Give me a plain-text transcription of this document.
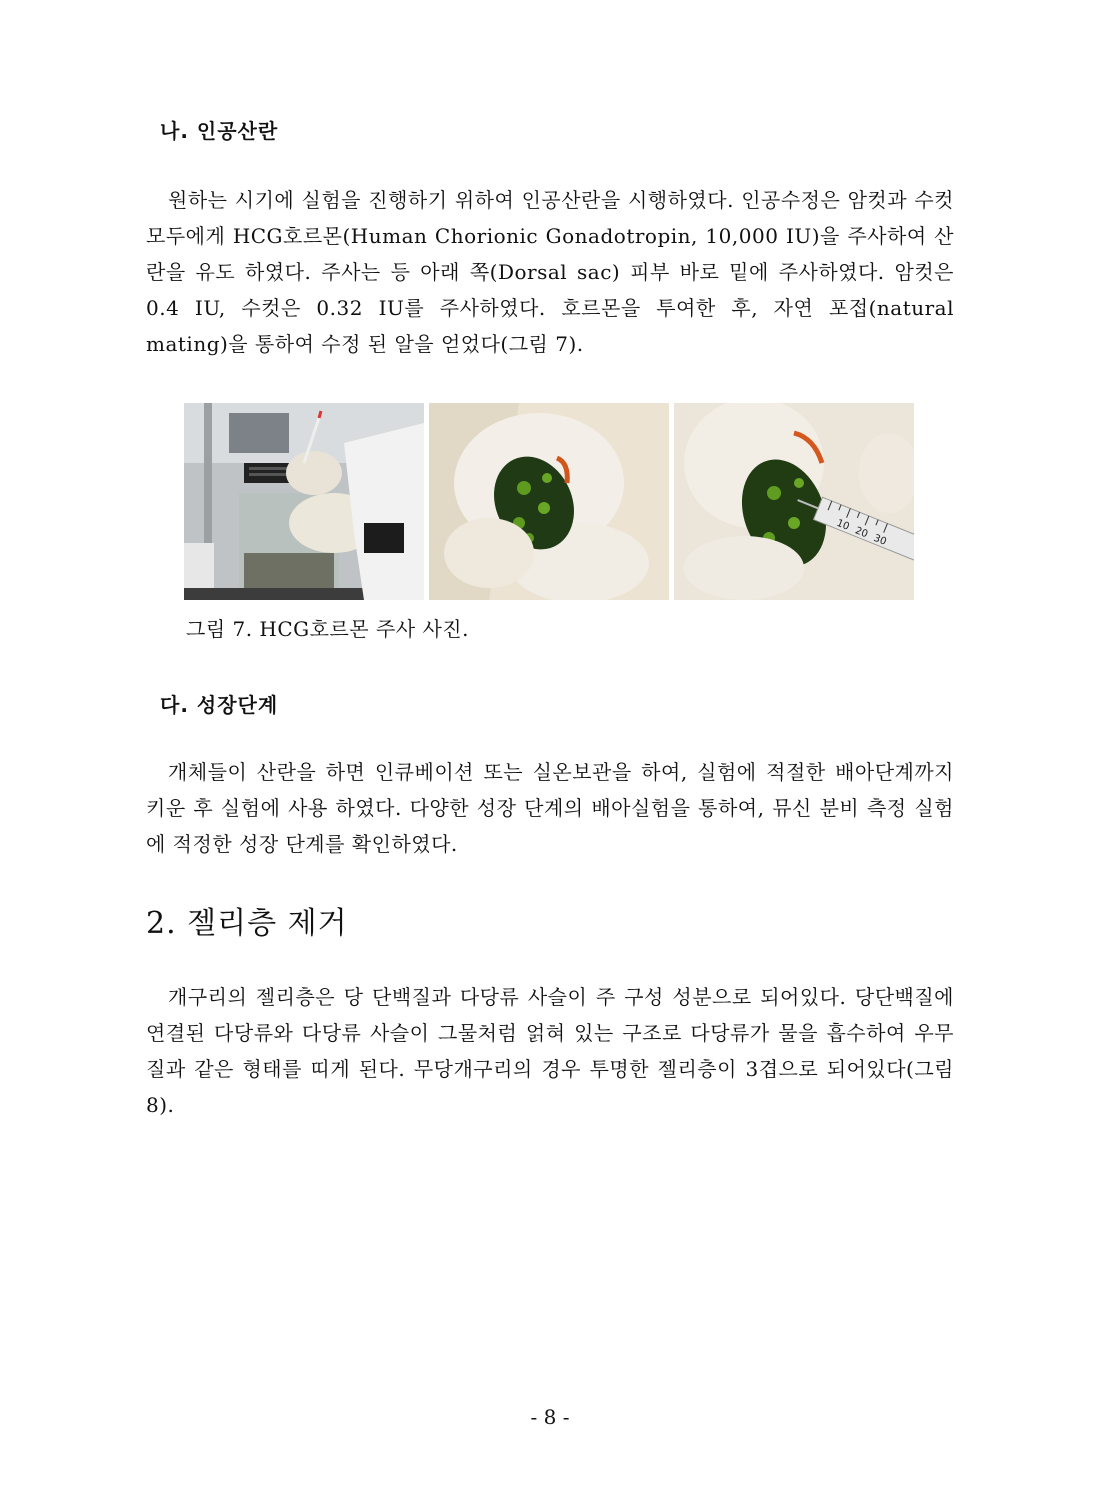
나. 인공산란

원하는 시기에 실험을 진행하기 위하여 인공산란을 시행하였다. 인공수정은 암컷과 수컷 모두에게 HCG호르몬(Human Chorionic Gonadotropin, 10,000 IU)을 주사하여 산란을 유도 하였다. 주사는 등 아래 쪽(Dorsal sac) 피부 바로 밑에 주사하였다. 암컷은 0.4 IU, 수컷은 0.32 IU를 주사하였다. 호르몬을 투여한 후, 자연 포접(natural mating)을 통하여 수정 된 알을 얻었다(그림 7).

10
20
30

그림 7. HCG호르몬 주사 사진.

다. 성장단계

개체들이 산란을 하면 인큐베이션 또는 실온보관을 하여, 실험에 적절한 배아단계까지 키운 후 실험에 사용 하였다. 다양한 성장 단계의 배아실험을 통하여, 뮤신 분비 측정 실험에 적정한 성장 단계를 확인하였다.

2. 젤리층 제거

개구리의 젤리층은 당 단백질과 다당류 사슬이 주 구성 성분으로 되어있다. 당단백질에 연결된 다당류와 다당류 사슬이 그물처럼 얽혀 있는 구조로 다당류가 물을 흡수하여 우무질과 같은 형태를 띠게 된다. 무당개구리의 경우 투명한 젤리층이 3겹으로 되어있다(그림 8).

- 8 -
